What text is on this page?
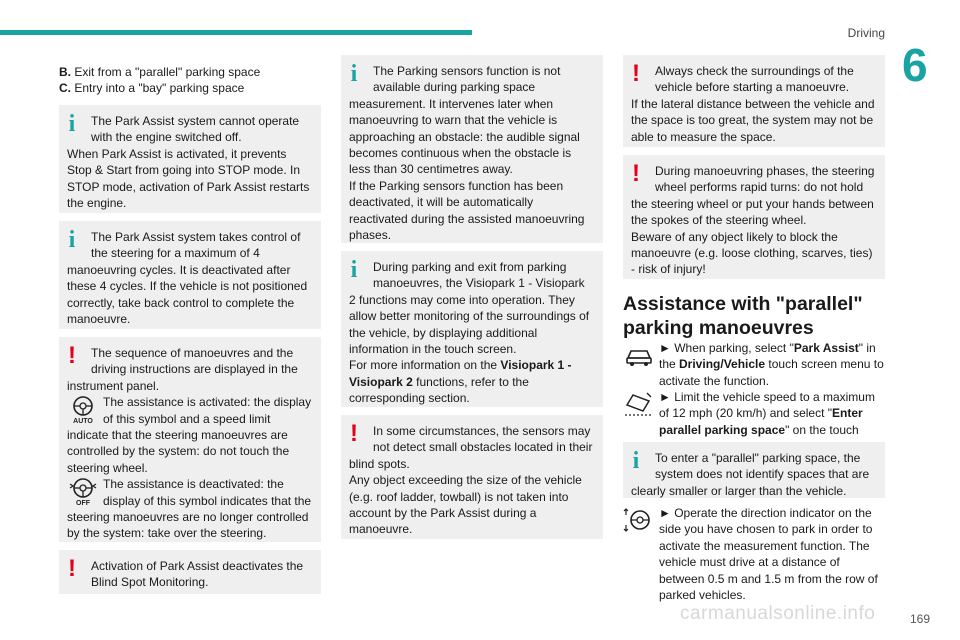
Driving
6
169
carmanualsonline.info
B. Exit from a "parallel" parking space
C. Entry into a "bay" parking space
i	The Park Assist system cannot operate with the engine switched off.

When Park Assist is activated, it prevents Stop & Start from going into STOP mode. In STOP mode, activation of Park Assist restarts the engine.

i	The Park Assist system takes control of the steering for a maximum of 4

manoeuvring cycles. It is deactivated after these 4 cycles. If the vehicle is not positioned correctly, take back control to complete the manoeuvre.

!	The sequence of manoeuvres and the driving instructions are displayed in the

instrument panel.

AUTO
The assistance is activated: the display of this symbol and a speed limit

indicate that the steering manoeuvres are controlled by the system: do not touch the steering wheel.

OFF
The assistance is deactivated: the display of this symbol indicates that the

steering manoeuvres are no longer controlled by the system: take over the steering.

!	Activation of Park Assist deactivates the Blind Spot Monitoring.

i	The Parking sensors function is not available during parking space

measurement. It intervenes later when manoeuvring to warn that the vehicle is approaching an obstacle: the audible signal becomes continuous when the obstacle is less than 30 centimetres away.

If the Parking sensors function has been deactivated, it will be automatically reactivated during the assisted manoeuvring phases.

i	During parking and exit from parking manoeuvres, the Visiopark 1 - Visiopark

2 functions may come into operation. They allow better monitoring of the surroundings of the vehicle, by displaying additional information in the touch screen.

For more information on the Visiopark 1 - Visiopark 2 functions, refer to the corresponding section.

!	In some circumstances, the sensors may not detect small obstacles located in their

blind spots.

Any object exceeding the size of the vehicle (e.g. roof ladder, towball) is not taken into account by the Park Assist during a manoeuvre.

!	Always check the surroundings of the vehicle before starting a manoeuvre.

If the lateral distance between the vehicle and the space is too great, the system may not be able to measure the space.

!	During manoeuvring phases, the steering wheel performs rapid turns: do not hold

the steering wheel or put your hands between the spokes of the steering wheel.

Beware of any object likely to block the manoeuvre (e.g. loose clothing, scarves, ties) - risk of injury!

Assistance with "parallel" parking manoeuvres
► When parking, select "Park Assist" in the Driving/Vehicle touch screen menu to activate the function.
► Limit the vehicle speed to a maximum of 12 mph (20 km/h) and select "Enter parallel parking space" on the touch
i	To enter a "parallel" parking space, the system does not identify spaces that are

clearly smaller or larger than the vehicle.

► Operate the direction indicator on the side you have chosen to park in order to activate the measurement function. The vehicle must drive at a distance of between 0.5 m and 1.5 m from the row of parked vehicles.
